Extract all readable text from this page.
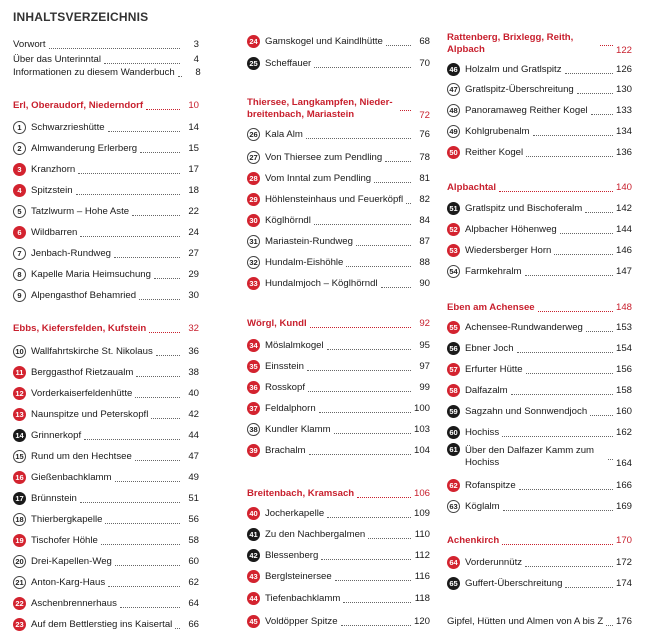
INHALTSVERZEICHNIS
Vorwort	3
Über das Unterinntal	4
Informationen zu diesem Wanderbuch	8
Erl, Oberaudorf, Niederndorf	10
1 Schwarzrieshütte	14
2 Almwanderung Erlerberg	15
3 Kranzhorn	17
4 Spitzstein	18
5 Tatzlwurm – Hohe Aste	22
6 Wildbarren	24
7 Jenbach-Rundweg	27
8 Kapelle Maria Heimsuchung	29
9 Alpengasthof Behamried	30
Ebbs, Kiefersfelden, Kufstein	32
10 Wallfahrtskirche St. Nikolaus	36
11 Berggasthof Rietzaualm	38
12 Vorderkaiserfeldenhütte	40
13 Naunspitze und Peterskopfl	42
14 Grinnerkopf	44
15 Rund um den Hechtsee	47
16 Gießenbachklamm	49
17 Brünnstein	51
18 Thierbergkapelle	56
19 Tischofer Höhle	58
20 Drei-Kapellen-Weg	60
21 Anton-Karg-Haus	62
22 Aschenbrennerhaus	64
23 Auf dem Bettlerstieg ins Kaisertal	66
24 Gamskogel und Kaindlhütte	68
25 Scheffauer	70
Thiersee, Langkampfen, Nieder-breitenbach, Mariastein	72
26 Kala Alm	76
27 Von Thiersee zum Pendling	78
28 Vom Inntal zum Pendling	81
29 Höhlensteinhaus und Feuerköpfl	82
30 Köglhörndl	84
31 Mariastein-Rundweg	87
32 Hundalm-Eishöhle	88
33 Hundalmjoch – Köglhörndl	90
Wörgl, Kundl	92
34 Möslalmkogel	95
35 Einsstein	97
36 Rosskopf	99
37 Feldalphorn	100
38 Kundler Klamm	103
39 Brachalm	104
Breitenbach, Kramsach	106
40 Jocherkapelle	109
41 Zu den Nachbergalmen	110
42 Blessenberg	112
43 Berglsteinersee	116
44 Tiefenbachklamm	118
45 Voldöpper Spitze	120
Rattenberg, Brixlegg, Reith, Alpbach	122
46 Holzalm und Gratlspitz	126
47 Gratlspitz-Überschreitung	130
48 Panoramaweg Reither Kogel	133
49 Kohlgrubenalm	134
50 Reither Kogel	136
Alpbachtal	140
51 Gratlspitz und Bischoferalm	142
52 Alpbacher Höhenweg	144
53 Wiedersberger Horn	146
54 Farmkehralm	147
Eben am Achensee	148
55 Achensee-Rundwanderweg	153
56 Ebner Joch	154
57 Erfurter Hütte	156
58 Dalfazalm	158
59 Sagzahn und Sonnwendjoch	160
60 Hochiss	162
61 Über den Dalfazer Kamm zum Hochiss	164
62 Rofanspitze	166
63 Köglalm	169
Achenkirch	170
64 Vorderunnütz	172
65 Guffert-Überschreitung	174
Gipfel, Hütten und Almen von A bis Z 176
